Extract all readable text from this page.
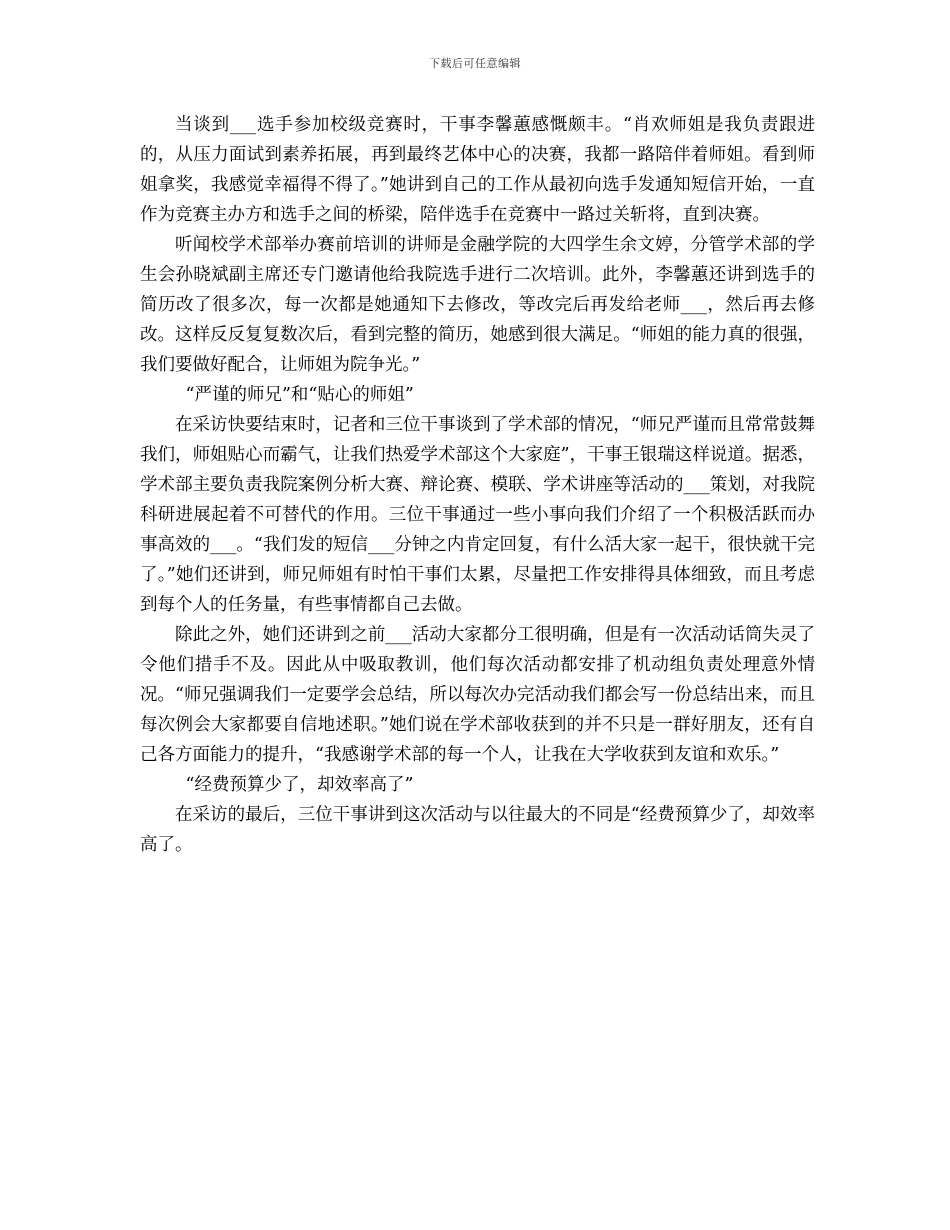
下载后可任意编辑

当谈到___选手参加校级竞赛时，干事李馨蕙感慨颇丰。“肖欢师姐是我负责跟进的，从压力面试到素养拓展，再到最终艺体中心的决赛，我都一路陪伴着师姐。看到师姐拿奖，我感觉幸福得不得了。”她讲到自己的工作从最初向选手发通知短信开始，一直作为竞赛主办方和选手之间的桥梁，陪伴选手在竞赛中一路过关斩将，直到决赛。

听闻校学术部举办赛前培训的讲师是金融学院的大四学生余文婷，分管学术部的学生会孙晓斌副主席还专门邀请他给我院选手进行二次培训。此外，李馨蕙还讲到选手的简历改了很多次，每一次都是她通知下去修改，等改完后再发给老师___，然后再去修改。这样反反复复数次后，看到完整的简历，她感到很大满足。“师姐的能力真的很强，我们要做好配合，让师姐为院争光。”

“严谨的师兄”和“贴心的师姐”

在采访快要结束时，记者和三位干事谈到了学术部的情况，“师兄严谨而且常常鼓舞我们，师姐贴心而霸气，让我们热爱学术部这个大家庭”，干事王银瑞这样说道。据悉，学术部主要负责我院案例分析大赛、辩论赛、模联、学术讲座等活动的___策划，对我院科研进展起着不可替代的作用。三位干事通过一些小事向我们介绍了一个积极活跃而办事高效的___。“我们发的短信___分钟之内肯定回复，有什么活大家一起干，很快就干完了。”她们还讲到，师兄师姐有时怕干事们太累，尽量把工作安排得具体细致，而且考虑到每个人的任务量，有些事情都自己去做。

除此之外，她们还讲到之前___活动大家都分工很明确，但是有一次活动话筒失灵了令他们措手不及。因此从中吸取教训，他们每次活动都安排了机动组负责处理意外情况。“师兄强调我们一定要学会总结，所以每次办完活动我们都会写一份总结出来，而且每次例会大家都要自信地述职。”她们说在学术部收获到的并不只是一群好朋友，还有自己各方面能力的提升，“我感谢学术部的每一个人，让我在大学收获到友谊和欢乐。”

“经费预算少了，却效率高了”

在采访的最后，三位干事讲到这次活动与以往最大的不同是“经费预算少了，却效率高了。
